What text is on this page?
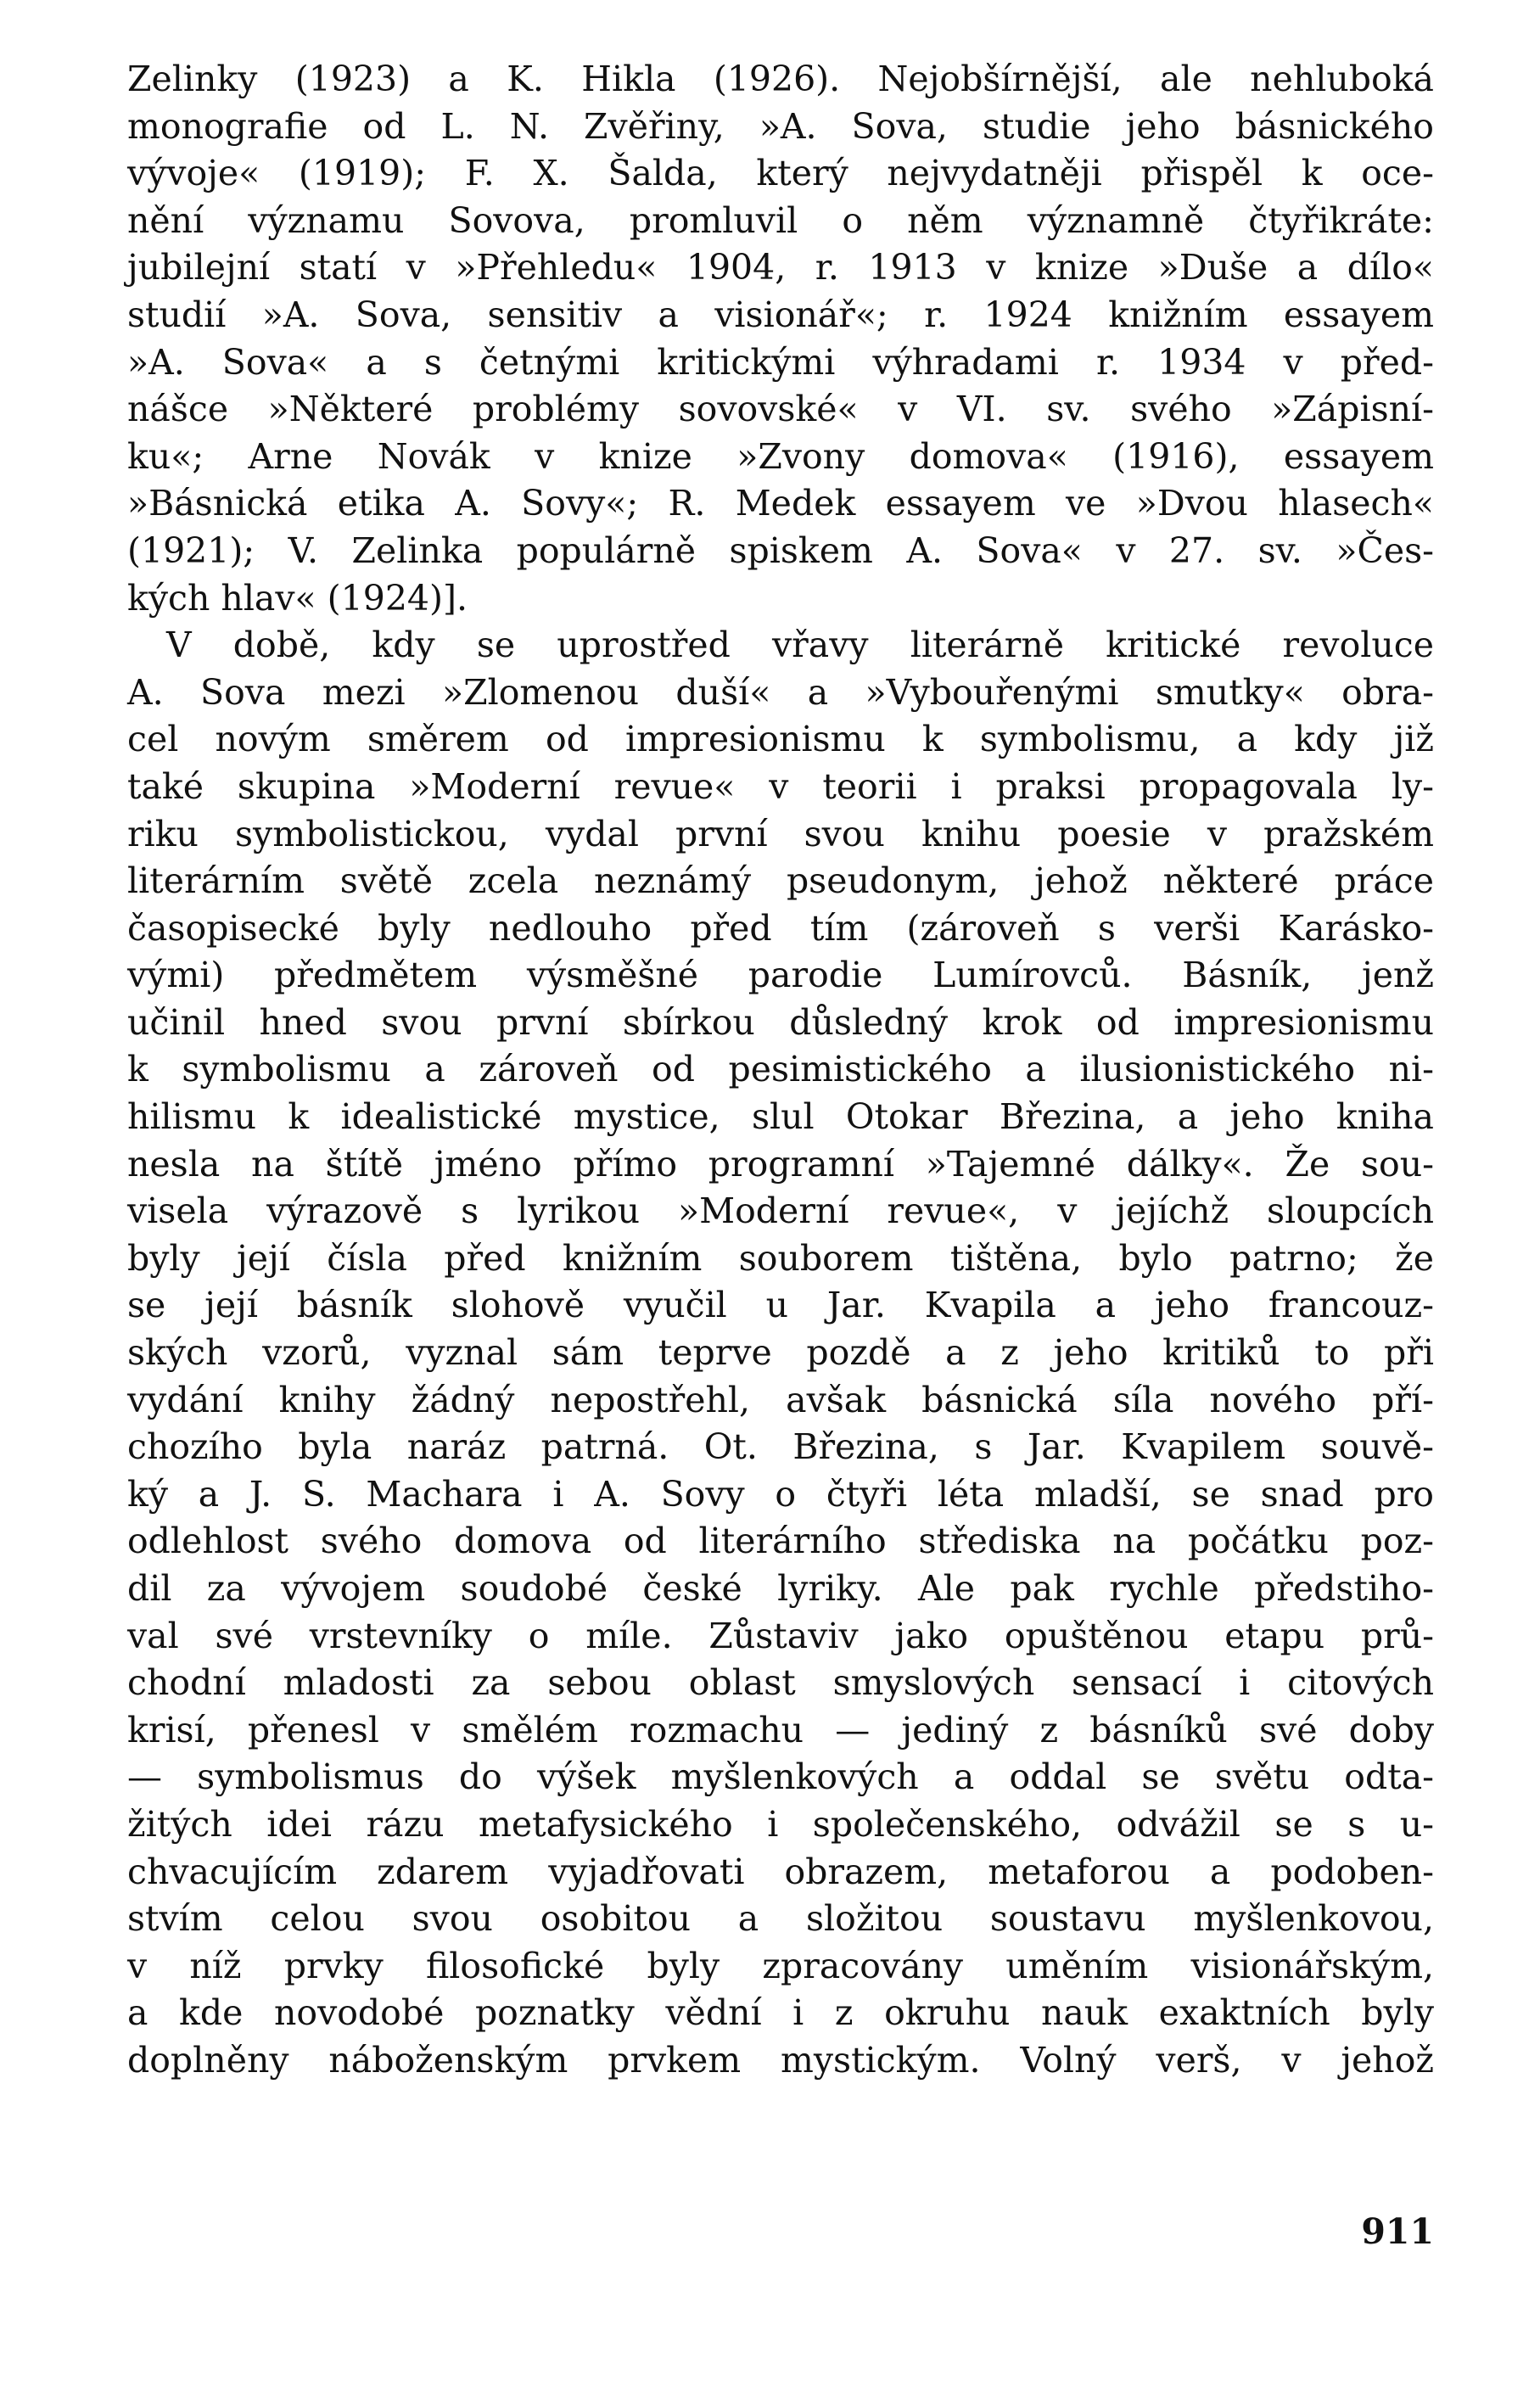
Zelinky (1923) a K. Hikla (1926). Nejobšírnější, ale nehluboká
monografie od L. N. Zvěřiny, »A. Sova, studie jeho básnického
vývoje« (1919); F. X. Šalda, který nejvydatněji přispěl k oce-
nění významu Sovova, promluvil o něm významně čtyřikráte:
jubilejní statí v »Přehledu« 1904, r. 1913 v knize »Duše a dílo«
studií »A. Sova, sensitiv a visionář«; r. 1924 knižním essayem
»A. Sova« a s četnými kritickými výhradami r. 1934 v před-
nášce »Některé problémy sovovské« v VI. sv. svého »Zápisní-
ku«; Arne Novák v knize »Zvony domova« (1916), essayem
»Básnická etika A. Sovy«; R. Medek essayem ve »Dvou hlasech«
(1921); V. Zelinka populárně spiskem A. Sova« v 27. sv. »Čes-
kých hlav« (1924)].
V době, kdy se uprostřed vřavy literárně kritické revoluce
A. Sova mezi »Zlomenou duší« a »Vybouřenými smutky« obra-
cel novým směrem od impresionismu k symbolismu, a kdy již
také skupina »Moderní revue« v teorii i praksi propagovala ly-
riku symbolistickou, vydal první svou knihu poesie v pražském
literárním světě zcela neznámý pseudonym, jehož některé práce
časopisecké byly nedlouho před tím (zároveň s verši Karásko-
vými) předmětem výsměšné parodie Lumírovců. Básník, jenž
učinil hned svou první sbírkou důsledný krok od impresionismu
k symbolismu a zároveň od pesimistického a ilusionistického ni-
hilismu k idealistické mystice, slul Otokar Březina, a jeho kniha
nesla na štítě jméno přímo programní »Tajemné dálky«. Že sou-
visela výrazově s lyrikou »Moderní revue«, v jejíchž sloupcích
byly její čísla před knižním souborem tištěna, bylo patrno; že
se její básník slohově vyučil u Jar. Kvapila a jeho francouz-
ských vzorů, vyznal sám teprve pozdě a z jeho kritiků to při
vydání knihy žádný nepostřehl, avšak básnická síla nového pří-
chozího byla naráz patrná. Ot. Březina, s Jar. Kvapilem souvě-
ký a J. S. Machara i A. Sovy o čtyři léta mladší, se snad pro
odlehlost svého domova od literárního střediska na počátku poz-
dil za vývojem soudobé české lyriky. Ale pak rychle předstiho-
val své vrstevníky o míle. Zůstaviv jako opuštěnou etapu prů-
chodní mladosti za sebou oblast smyslových sensací i citových
krisí, přenesl v smělém rozmachu — jediný z básníků své doby
— symbolismus do výšek myšlenkových a oddal se světu odta-
žitých idei rázu metafysického i společenského, odvážil se s u-
chvacujícím zdarem vyjadřovati obrazem, metaforou a podoben-
stvím celou svou osobitou a složitou soustavu myšlenkovou,
v níž prvky filosofické byly zpracovány uměním visionářským,
a kde novodobé poznatky vědní i z okruhu nauk exaktních byly
doplněny náboženským prvkem mystickým. Volný verš, v jehož
911
